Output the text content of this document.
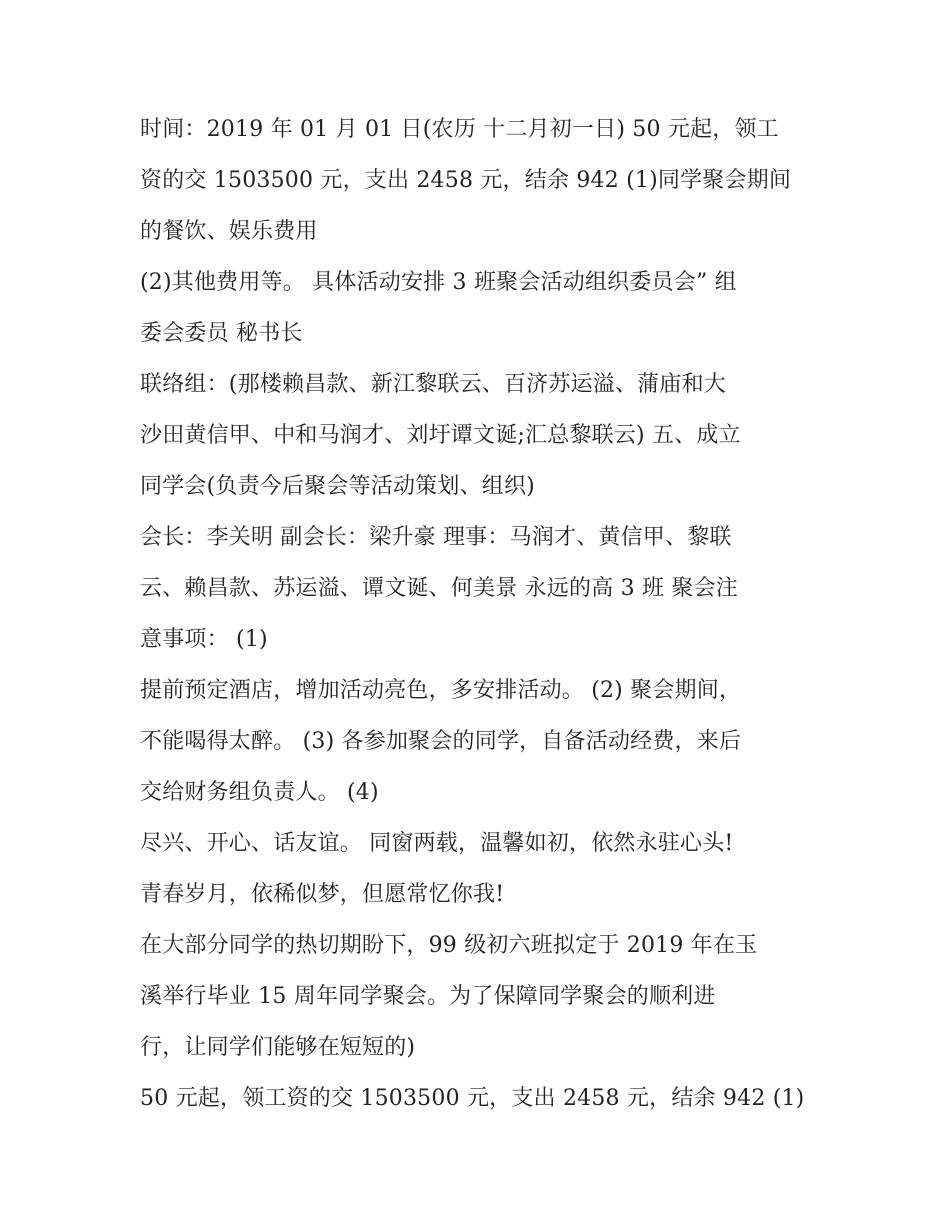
时间：2019 年 01 月 01 日(农历 十二月初一日) 50 元起，领工
资的交 1503500 元，支出 2458 元，结余 942 (1)同学聚会期间
的餐饮、娱乐费用
(2)其他费用等。 具体活动安排 3 班聚会活动组织委员会” 组
委会委员 秘书长
联络组：(那楼赖昌款、新江黎联云、百济苏运溢、蒲庙和大
沙田黄信甲、中和马润才、刘圩谭文诞;汇总黎联云) 五、成立
同学会(负责今后聚会等活动策划、组织)
会长：李关明 副会长：梁升豪 理事：马润才、黄信甲、黎联
云、赖昌款、苏运溢、谭文诞、何美景 永远的高 3 班 聚会注
意事项： (1)
提前预定酒店，增加活动亮色，多安排活动。 (2) 聚会期间，
不能喝得太醉。 (3) 各参加聚会的同学，自备活动经费，来后
交给财务组负责人。 (4)
尽兴、开心、话友谊。 同窗两载，温馨如初，依然永驻心头!
青春岁月，依稀似梦，但愿常忆你我!
在大部分同学的热切期盼下，99 级初六班拟定于 2019 年在玉
溪举行毕业 15 周年同学聚会。为了保障同学聚会的顺利进
行，让同学们能够在短短的)
50 元起，领工资的交 1503500 元，支出 2458 元，结余 942 (1)
